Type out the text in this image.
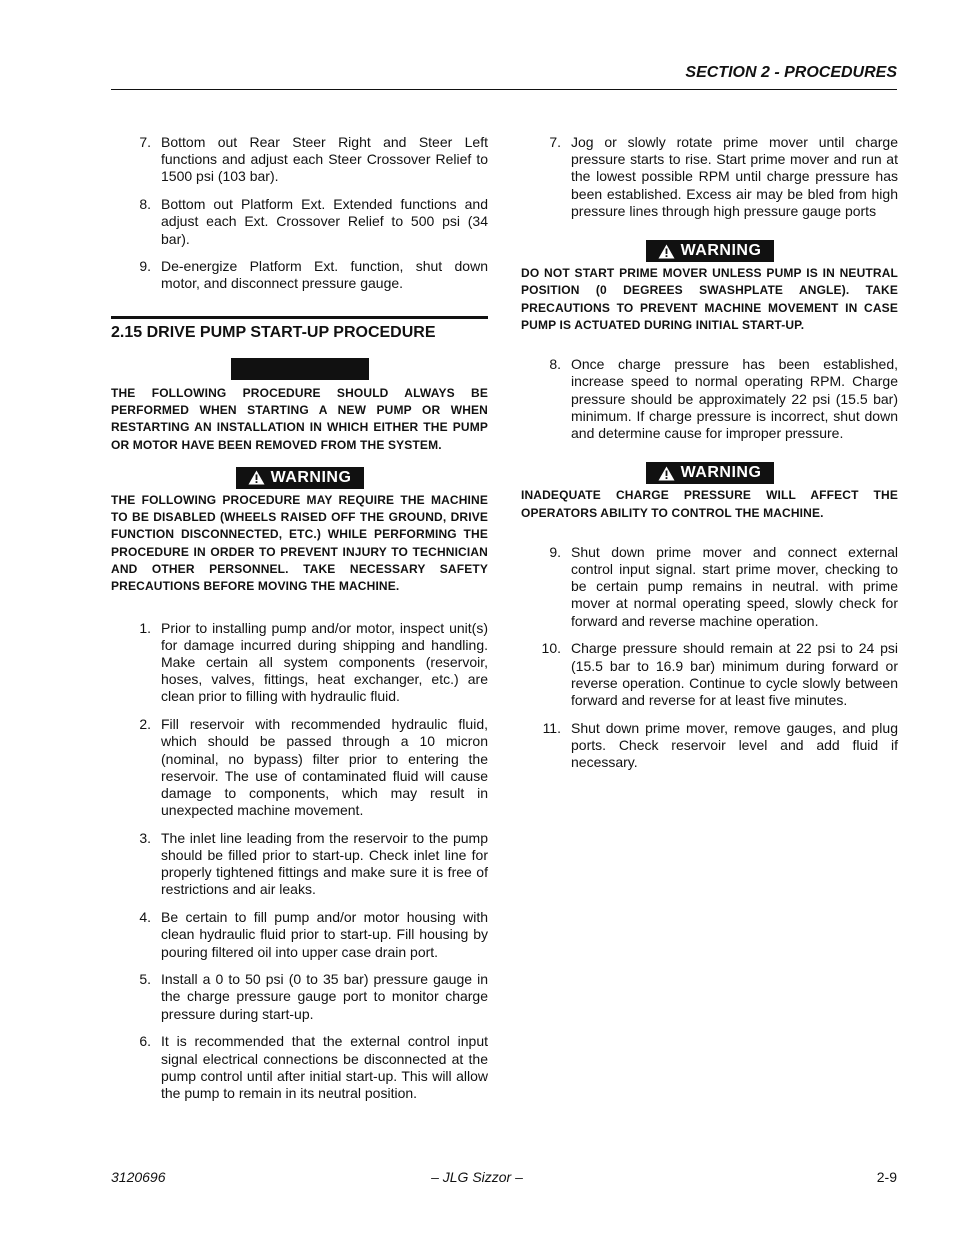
SECTION 2 - PROCEDURES
7. Bottom out Rear Steer Right and Steer Left functions and adjust each Steer Crossover Relief to 1500 psi (103 bar).
8. Bottom out Platform Ext. Extended functions and adjust each Ext. Crossover Relief to 500 psi (34 bar).
9. De-energize Platform Ext. function, shut down motor, and disconnect pressure gauge.
2.15 DRIVE PUMP START-UP PROCEDURE
THE FOLLOWING PROCEDURE SHOULD ALWAYS BE PERFORMED WHEN STARTING A NEW PUMP OR WHEN RESTARTING AN INSTALLATION IN WHICH EITHER THE PUMP OR MOTOR HAVE BEEN REMOVED FROM THE SYSTEM.
WARNING
THE FOLLOWING PROCEDURE MAY REQUIRE THE MACHINE TO BE DISABLED (WHEELS RAISED OFF THE GROUND, DRIVE FUNCTION DISCONNECTED, ETC.) WHILE PERFORMING THE PROCEDURE IN ORDER TO PREVENT INJURY TO TECHNICIAN AND OTHER PERSONNEL. TAKE NECESSARY SAFETY PRECAUTIONS BEFORE MOVING THE MACHINE.
1. Prior to installing pump and/or motor, inspect unit(s) for damage incurred during shipping and handling. Make certain all system components (reservoir, hoses, valves, fittings, heat exchanger, etc.) are clean prior to filling with hydraulic fluid.
2. Fill reservoir with recommended hydraulic fluid, which should be passed through a 10 micron (nominal, no bypass) filter prior to entering the reservoir. The use of contaminated fluid will cause damage to components, which may result in unexpected machine movement.
3. The inlet line leading from the reservoir to the pump should be filled prior to start-up. Check inlet line for properly tightened fittings and make sure it is free of restrictions and air leaks.
4. Be certain to fill pump and/or motor housing with clean hydraulic fluid prior to start-up. Fill housing by pouring filtered oil into upper case drain port.
5. Install a 0 to 50 psi (0 to 35 bar) pressure gauge in the charge pressure gauge port to monitor charge pressure during start-up.
6. It is recommended that the external control input signal electrical connections be disconnected at the pump control until after initial start-up. This will allow the pump to remain in its neutral position.
7. Jog or slowly rotate prime mover until charge pressure starts to rise. Start prime mover and run at the lowest possible RPM until charge pressure has been established. Excess air may be bled from high pressure lines through high pressure gauge ports
WARNING
DO NOT START PRIME MOVER UNLESS PUMP IS IN NEUTRAL POSITION (0 DEGREES SWASHPLATE ANGLE). TAKE PRECAUTIONS TO PREVENT MACHINE MOVEMENT IN CASE PUMP IS ACTUATED DURING INITIAL START-UP.
8. Once charge pressure has been established, increase speed to normal operating RPM. Charge pressure should be approximately 22 psi (15.5 bar) minimum. If charge pressure is incorrect, shut down and determine cause for improper pressure.
WARNING
INADEQUATE CHARGE PRESSURE WILL AFFECT THE OPERATORS ABILITY TO CONTROL THE MACHINE.
9. Shut down prime mover and connect external control input signal. start prime mover, checking to be certain pump remains in neutral. with prime mover at normal operating speed, slowly check for forward and reverse machine operation.
10. Charge pressure should remain at 22 psi to 24 psi (15.5 bar to 16.9 bar) minimum during forward or reverse operation. Continue to cycle slowly between forward and reverse for at least five minutes.
11. Shut down prime mover, remove gauges, and plug ports. Check reservoir level and add fluid if necessary.
3120696	– JLG Sizzor –	2-9
